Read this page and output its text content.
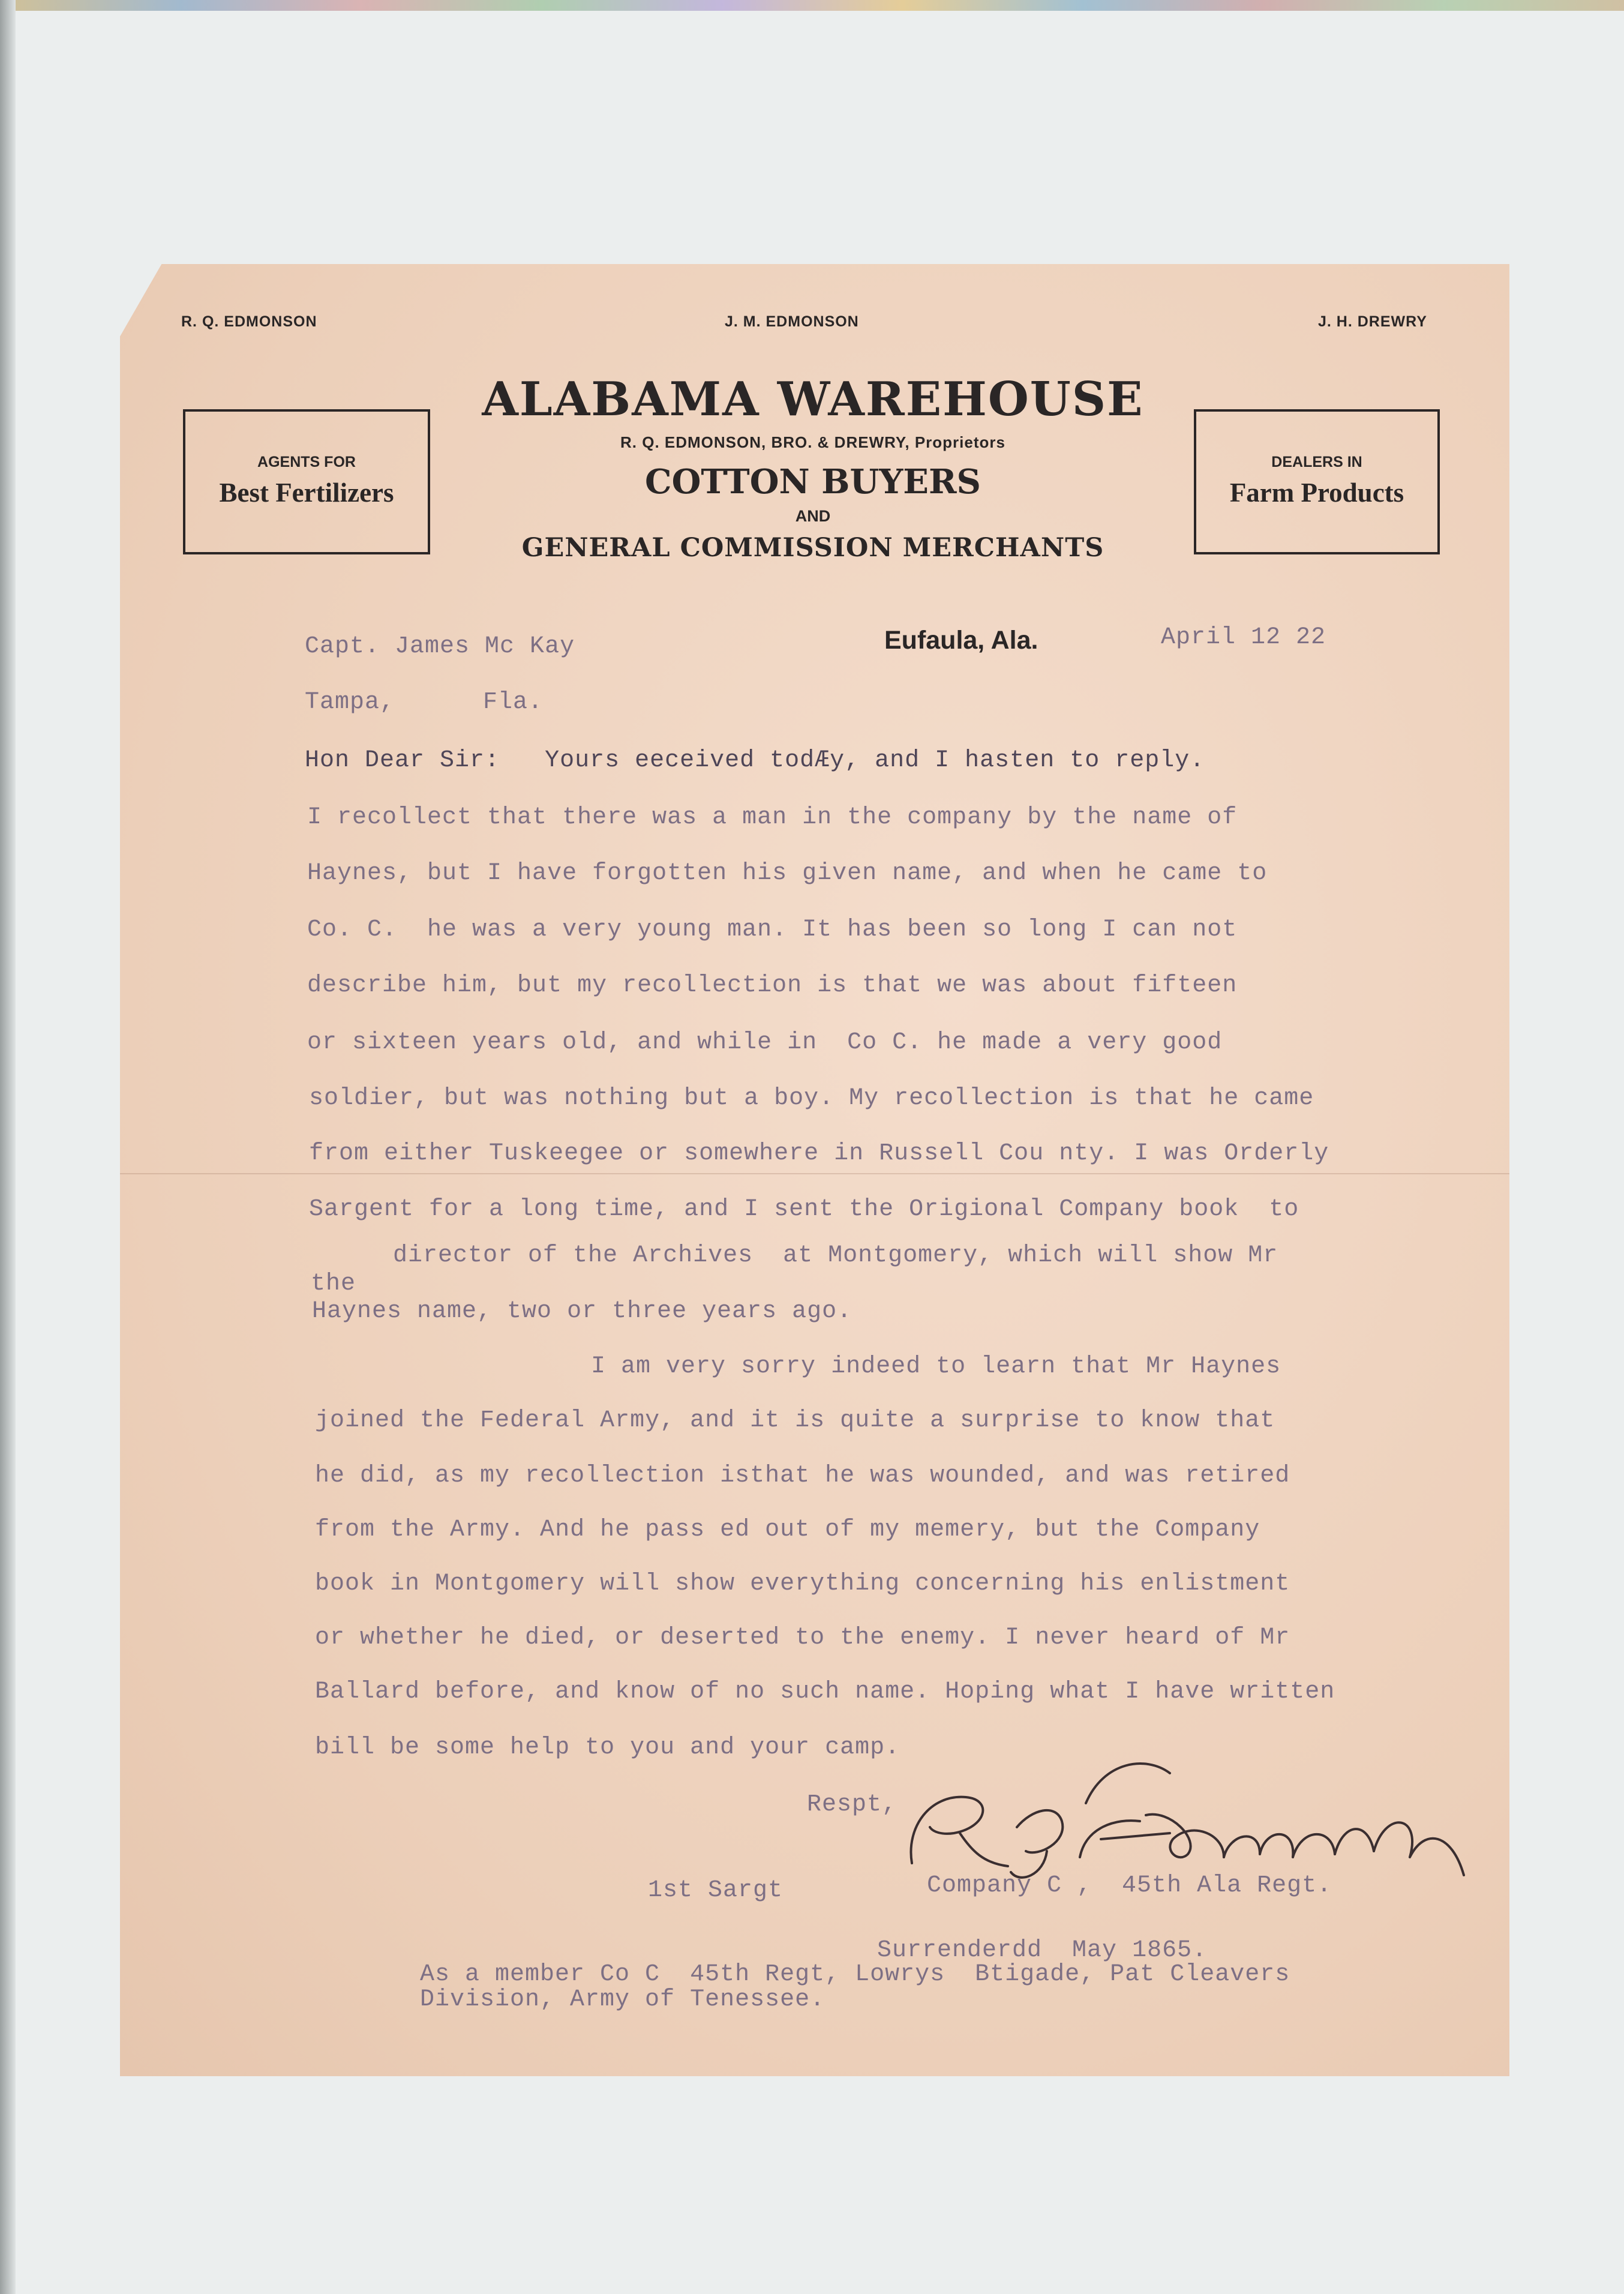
R. Q. EDMONSON	J. M. EDMONSON	J. H. DREWRY
AGENTS FOR
Best Fertilizers
DEALERS IN
Farm Products
ALABAMA WAREHOUSE
R. Q. EDMONSON, BRO. & DREWRY, Proprietors
COTTON BUYERS
AND
GENERAL COMMISSION MERCHANTS
Eufaula, Ala.	April 12 22
Capt. James Mc Kay
Tampa,	Fla.
Hon Dear Sir:   Yours eeceived todÆy, and I hasten to reply.
I recollect that there was a man in the company by the name of
Haynes, but I have forgotten his given name, and when he came to
Co. C.  he was a very young man. It has been so long I can not
describe him, but my recollection is that we was about fifteen
or sixteen years old, and while in  Co C. he made a very good
soldier, but was nothing but a boy. My recollection is that he came
from either Tuskeegee or somewhere in Russell Cou nty. I was Orderly
Sargent for a long time, and I sent the Origional Company book  to
director of the Archives  at Montgomery, which will show Mr
the
Haynes name, two or three years ago.
I am very sorry indeed to learn that Mr Haynes
joined the Federal Army, and it is quite a surprise to know that
he did, as my recollection isthat he was wounded, and was retired
from the Army. And he pass ed out of my memery, but the Company
book in Montgomery will show everything concerning his enlistment
or whether he died, or deserted to the enemy. I never heard of Mr
Ballard before, and know of no such name. Hoping what I have written
bill be some help to you and your camp.
Respt,
1st Sargt	Company C ,  45th Ala Regt.
Surrenderdd  May 1865.
As a member Co C  45th Regt, Lowrys  Btigade, Pat Cleavers
Division, Army of Tenessee.
